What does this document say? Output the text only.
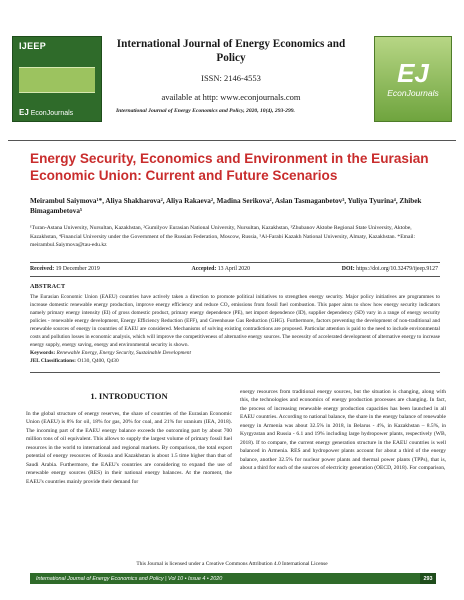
IJEEP
EJ EconJournals
International Journal of Energy Economics and Policy
ISSN: 2146-4553
available at http: www.econjournals.com
EJ
EconJournals
International Journal of Energy Economics and Policy, 2020, 10(4), 293-299.
Energy Security, Economics and Environment in the Eurasian Economic Union: Current and Future Scenarios
Meirambul Saiymova¹*, Aliya Shakharova², Aliya Rakaeva², Madina Serikova², Aslan Tasmaganbetov³, Yuliya Tyurina⁴, Zhibek Bimagambetova⁵
¹Turan-Astana University, Nursultan, Kazakhstan, ²Gumilyov Eurasian National University, Nursultan, Kazakhstan, ³Zhubanov Aktobe Regional State University, Aktobe, Kazakhstan, ⁴Financial University under the Government of the Russian Federation, Moscow, Russia, ⁵Al-Farabi Kazakh National University, Almaty, Kazakhstan. *Email: meirambul.Saiymova@tau-edu.kz
Received: 19 December 2019	Accepted: 13 April 2020	DOI: https://doi.org/10.32479/ijeep.9127
ABSTRACT
The Eurasian Economic Union (EAEU) countries have actively taken a direction to promote political initiatives to strengthen energy security. Major policy initiatives are programmes to increase domestic renewable energy production, improve energy efficiency and reduce CO₂ emissions from fossil fuel combustion. This paper aims to show how energy security indicators namely primary energy intensity (EI) of gross domestic product, primary energy dependence (PE), net import dependence (ID), supplier dependency (SD) vary in a range of energy security policies - renewable energy development, Energy Efficiency Reduction (EFF), and Greenhouse Gas Reduction (GHG). Furthermore, factors preventing the development of non-traditional and renewable sources of energy in countries of EAEU are considered. Mechanisms of solving existing contradictions are proposed. Particular attention is paid to the need to include environmental costs and pollution losses in economic analysis, which will improve the competitiveness of alternative energy sources. The necessity of accelerated development of alternative energy to increase energy supply, energy saving, energy and environmental security is shown.
Keywords: Renewable Energy, Energy Security, Sustainable Development
JEL Classifications: O130, Q400, Q430
1. INTRODUCTION
In the global structure of energy reserves, the share of countries of the Eurasian Economic Union (EAEU) is 8% for oil, 18% for gas, 20% for coal, and 21% for uranium (IEA, 2018). The incoming part of the EAEU energy balance exceeds the outcoming part by about 700 million tons of oil equivalent. This allows to supply the largest volume of primary fossil fuel resources in the world to international and regional markets. By comparison, the total export potential of energy resources of Russia and Kazakhstan is about 1.5 time higher than that of Saudi Arabia. Furthermore, the EAEU's countries are considering to expand the use of renewable energy sources (RES) in their national energy balances. At the moment, the EAEU's countries mainly provide their demand for
energy resources from traditional energy sources, but the situation is changing, along with this, the technologies and economics of energy production processes are changing. In fact, the process of increasing renewable energy production capacities has been launched in all EAEU countries. According to national balance, the share in the energy balance of renewable energy in Armenia was about 32.5% in 2018, in Belarus - 4%, in Kazakhstan – 8.5%, in Kyrgyzstan and Russia - 6.1 and 19% including large hydropower plants, respectively (WB, 2018). If to compare, the current energy generation structure in the EAEU countries is well balanced in Armenia. RES and hydropower plants account for about a third of the energy balance, another 32.5% for nuclear power plants and thermal power plants (TPPs), that is, about a third for each of the sources of electricity generation (OECD, 2018). For comparison,
This Journal is licensed under a Creative Commons Attribution 4.0 International License
International Journal of Energy Economics and Policy | Vol 10 • Issue 4 • 2020	293
